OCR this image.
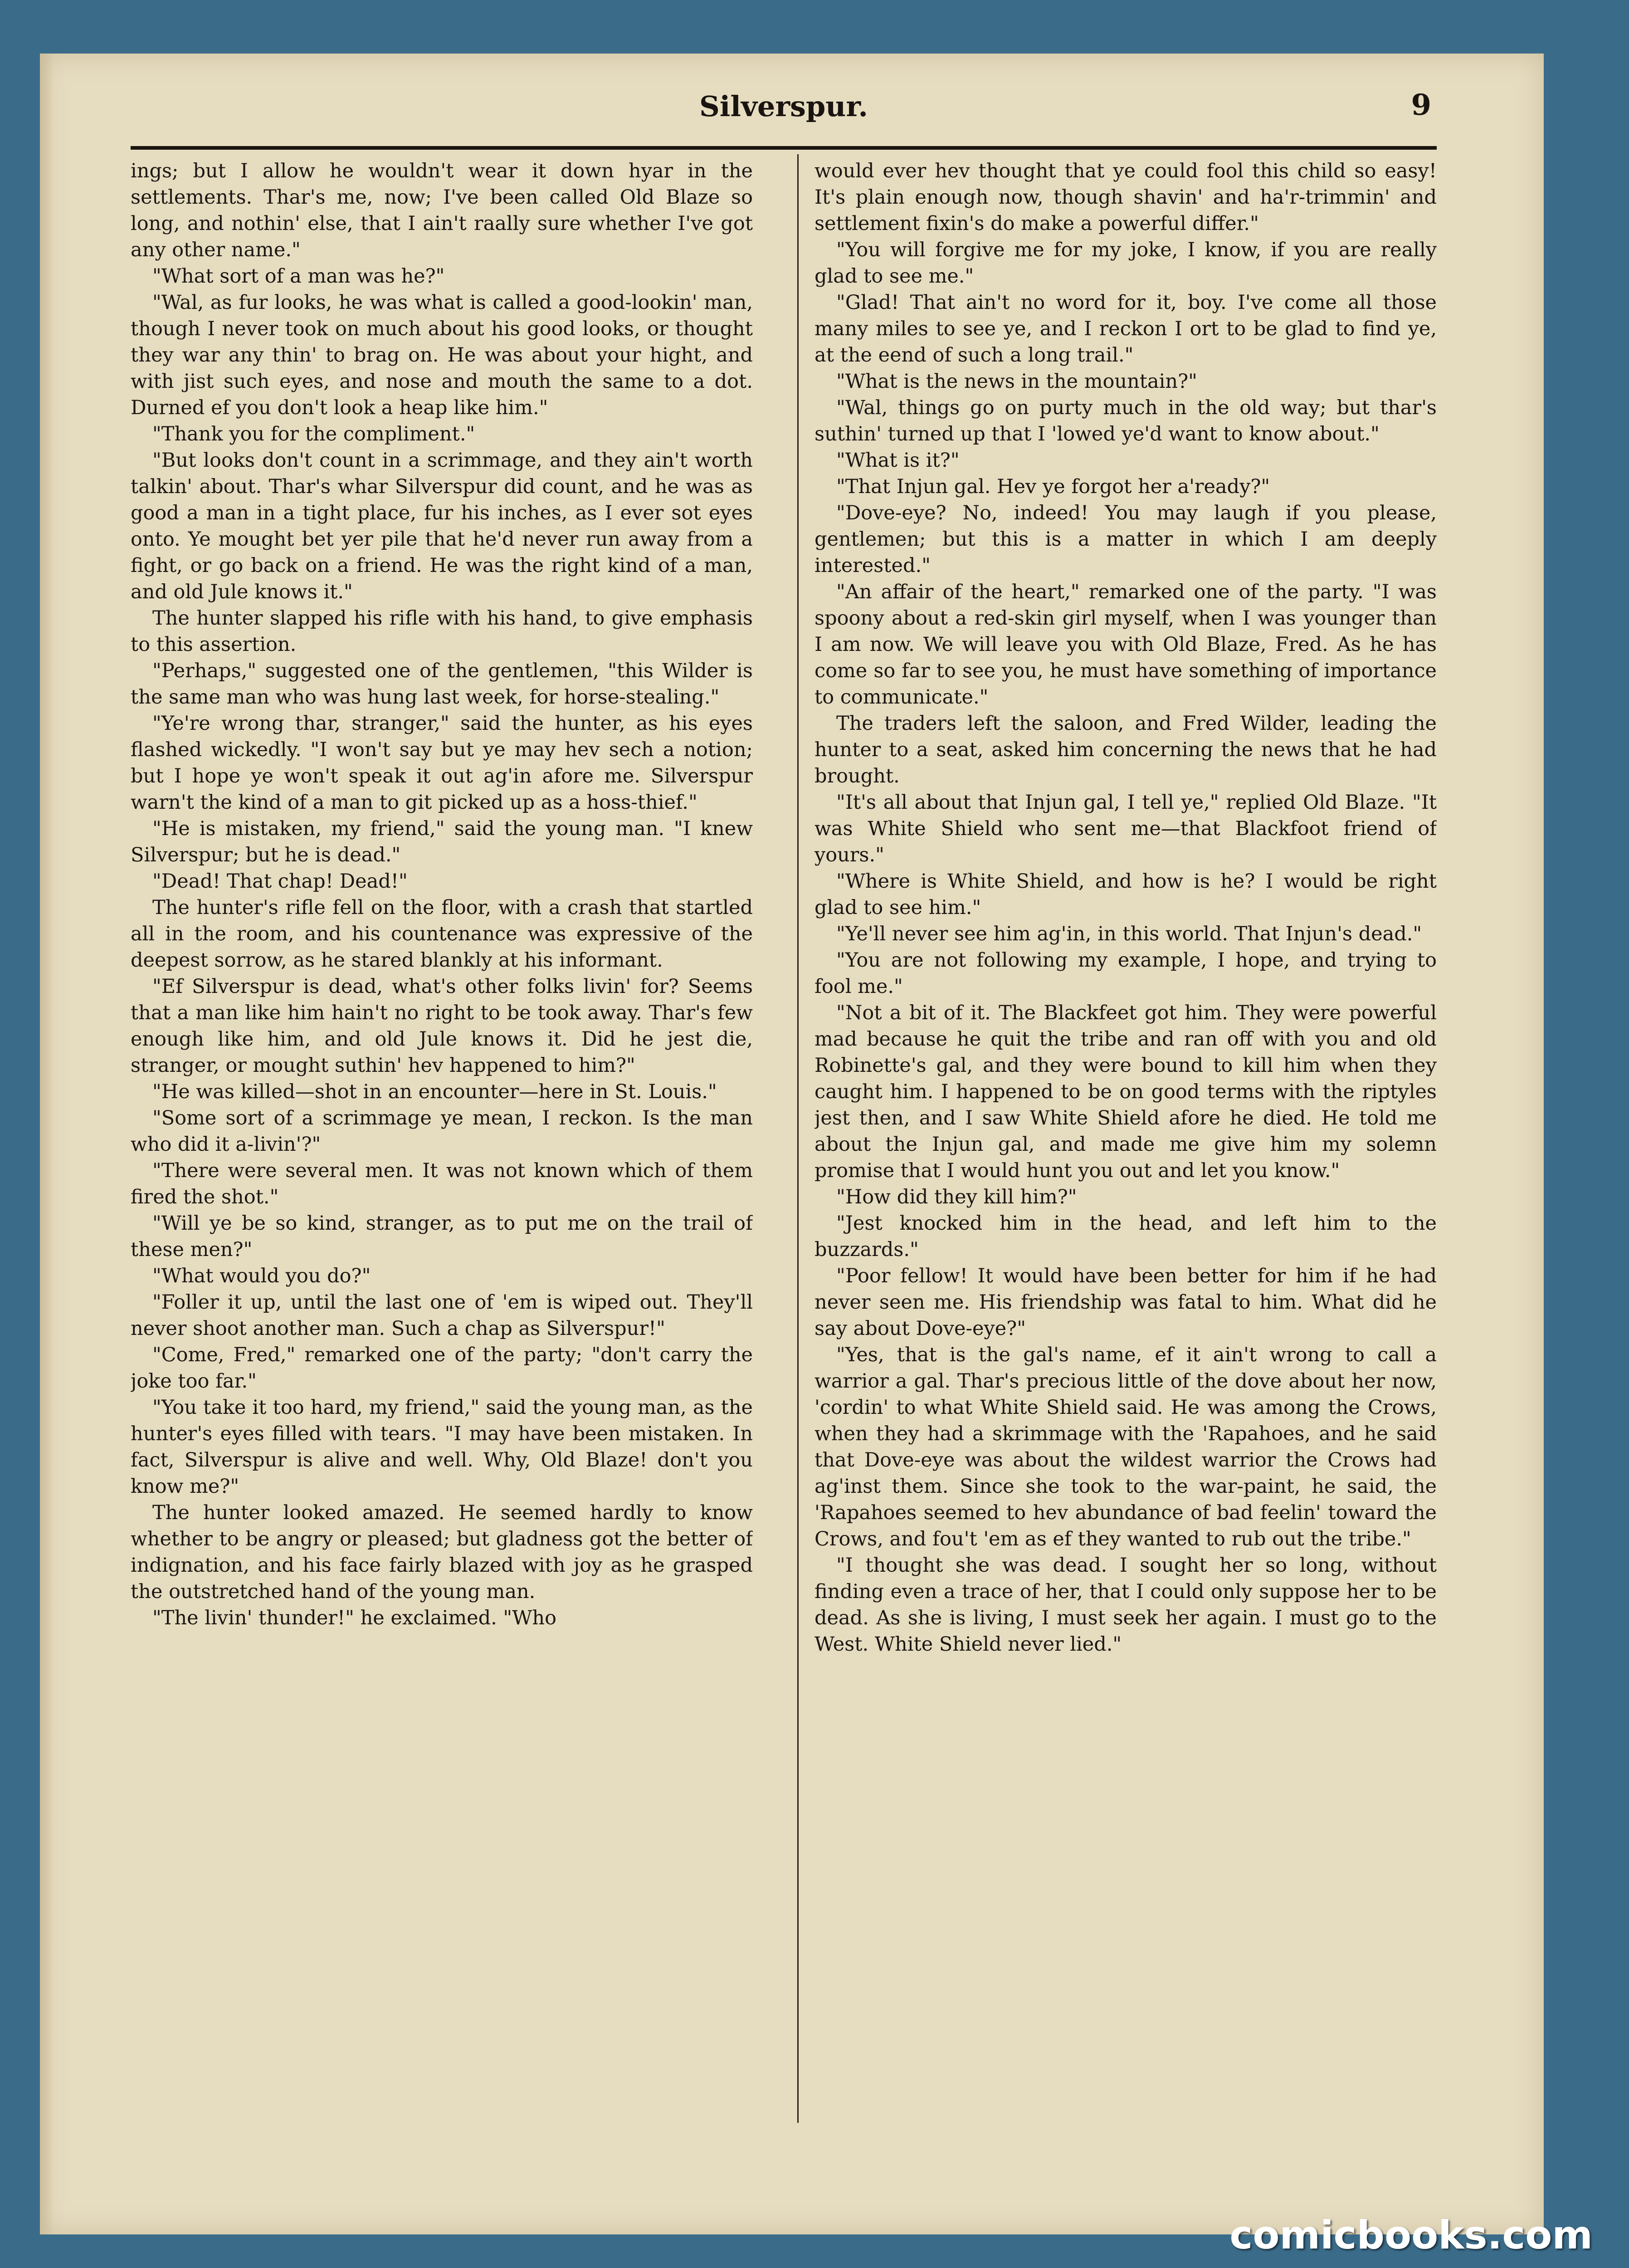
Silverspur.	9

ings; but I allow he wouldn't wear it down hyar in the settlements. Thar's me, now; I've been called Old Blaze so long, and nothin' else, that I ain't raally sure whether I've got any other name."

"What sort of a man was he?"

"Wal, as fur looks, he was what is called a good-lookin' man, though I never took on much about his good looks, or thought they war any thin' to brag on. He was about your hight, and with jist such eyes, and nose and mouth the same to a dot. Durned ef you don't look a heap like him."

"Thank you for the compliment."

"But looks don't count in a scrimmage, and they ain't worth talkin' about. Thar's whar Silverspur did count, and he was as good a man in a tight place, fur his inches, as I ever sot eyes onto. Ye mought bet yer pile that he'd never run away from a fight, or go back on a friend. He was the right kind of a man, and old Jule knows it."

The hunter slapped his rifle with his hand, to give emphasis to this assertion.

"Perhaps," suggested one of the gentlemen, "this Wilder is the same man who was hung last week, for horse-stealing."

"Ye're wrong thar, stranger," said the hunter, as his eyes flashed wickedly. "I won't say but ye may hev sech a notion; but I hope ye won't speak it out ag'in afore me. Silverspur warn't the kind of a man to git picked up as a hoss-thief."

"He is mistaken, my friend," said the young man. "I knew Silverspur; but he is dead."

"Dead! That chap! Dead!"

The hunter's rifle fell on the floor, with a crash that startled all in the room, and his countenance was expressive of the deepest sorrow, as he stared blankly at his informant.

"Ef Silverspur is dead, what's other folks livin' for? Seems that a man like him hain't no right to be took away. Thar's few enough like him, and old Jule knows it. Did he jest die, stranger, or mought suthin' hev happened to him?"

"He was killed—shot in an encounter—here in St. Louis."

"Some sort of a scrimmage ye mean, I reckon. Is the man who did it a-livin'?"

"There were several men. It was not known which of them fired the shot."

"Will ye be so kind, stranger, as to put me on the trail of these men?"

"What would you do?"

"Foller it up, until the last one of 'em is wiped out. They'll never shoot another man. Such a chap as Silverspur!"

"Come, Fred," remarked one of the party; "don't carry the joke too far."

"You take it too hard, my friend," said the young man, as the hunter's eyes filled with tears. "I may have been mistaken. In fact, Silverspur is alive and well. Why, Old Blaze! don't you know me?"

The hunter looked amazed. He seemed hardly to know whether to be angry or pleased; but gladness got the better of indignation, and his face fairly blazed with joy as he grasped the outstretched hand of the young man.

"The livin' thunder!" he exclaimed. "Who

would ever hev thought that ye could fool this child so easy! It's plain enough now, though shavin' and ha'r-trimmin' and settlement fixin's do make a powerful differ."

"You will forgive me for my joke, I know, if you are really glad to see me."

"Glad! That ain't no word for it, boy. I've come all those many miles to see ye, and I reckon I ort to be glad to find ye, at the eend of such a long trail."

"What is the news in the mountain?"

"Wal, things go on purty much in the old way; but thar's suthin' turned up that I 'lowed ye'd want to know about."

"What is it?"

"That Injun gal. Hev ye forgot her a'ready?"

"Dove-eye? No, indeed! You may laugh if you please, gentlemen; but this is a matter in which I am deeply interested."

"An affair of the heart," remarked one of the party. "I was spoony about a red-skin girl myself, when I was younger than I am now. We will leave you with Old Blaze, Fred. As he has come so far to see you, he must have something of importance to communicate."

The traders left the saloon, and Fred Wilder, leading the hunter to a seat, asked him concerning the news that he had brought.

"It's all about that Injun gal, I tell ye," replied Old Blaze. "It was White Shield who sent me—that Blackfoot friend of yours."

"Where is White Shield, and how is he? I would be right glad to see him."

"Ye'll never see him ag'in, in this world. That Injun's dead."

"You are not following my example, I hope, and trying to fool me."

"Not a bit of it. The Blackfeet got him. They were powerful mad because he quit the tribe and ran off with you and old Robinette's gal, and they were bound to kill him when they caught him. I happened to be on good terms with the riptyles jest then, and I saw White Shield afore he died. He told me about the Injun gal, and made me give him my solemn promise that I would hunt you out and let you know."

"How did they kill him?"

"Jest knocked him in the head, and left him to the buzzards."

"Poor fellow! It would have been better for him if he had never seen me. His friendship was fatal to him. What did he say about Dove-eye?"

"Yes, that is the gal's name, ef it ain't wrong to call a warrior a gal. Thar's precious little of the dove about her now, 'cordin' to what White Shield said. He was among the Crows, when they had a skrimmage with the 'Rapahoes, and he said that Dove-eye was about the wildest warrior the Crows had ag'inst them. Since she took to the war-paint, he said, the 'Rapahoes seemed to hev abundance of bad feelin' toward the Crows, and fou't 'em as ef they wanted to rub out the tribe."

"I thought she was dead. I sought her so long, without finding even a trace of her, that I could only suppose her to be dead. As she is living, I must seek her again. I must go to the West. White Shield never lied."

comicbooks.com
